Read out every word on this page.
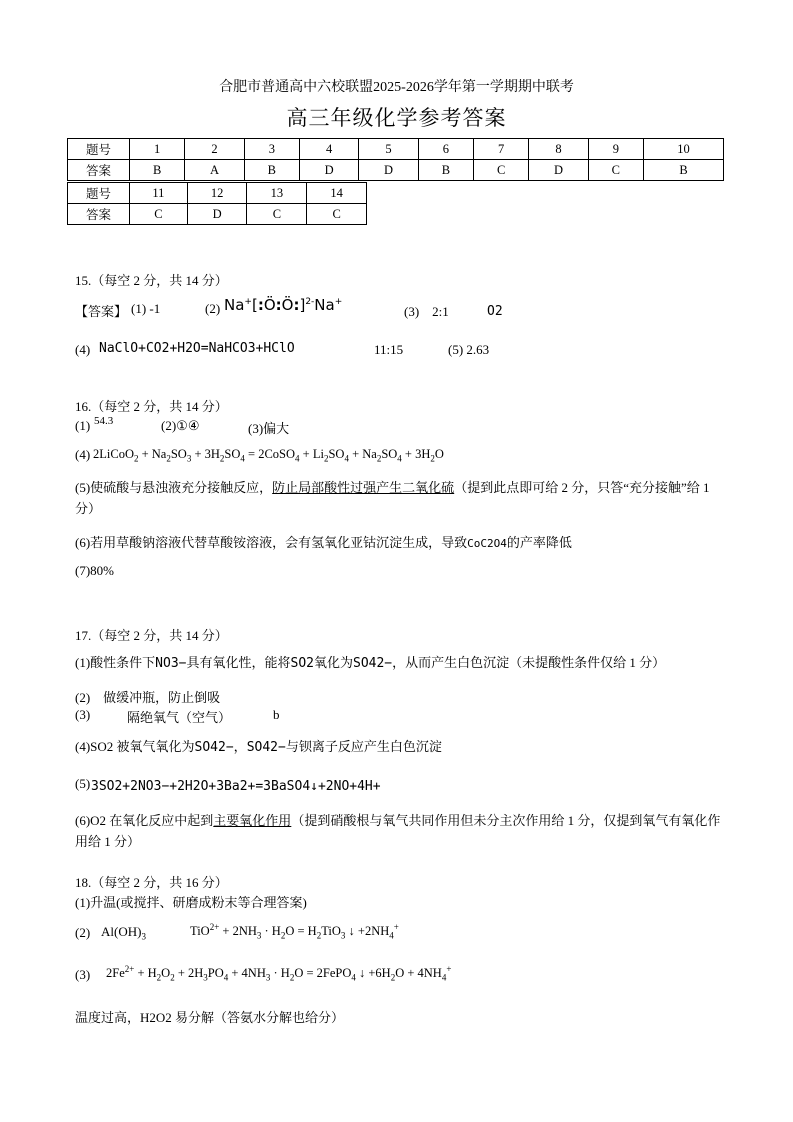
合肥市普通高中六校联盟2025-2026学年第一学期期中联考
高三年级化学参考答案
题号	1	2	3	4	5	6	7	8	9	10
答案	B	A	B	D	D	B	C	D	C	B
题号	11	12	13	14
答案	C	D	C	C
15.（每空 2 分，共 14 分）
【答案】 (1) -1	(2) Na+[:Ö:Ö:]$^{2-}$Na+
(3)　2:1	O2
(4) NaClO+CO2+H2O=NaHCO3+HClO	11:15	(5) 2.63
16.（每空 2 分，共 14 分）
(1) 54.3	(2)①④	(3)偏大
(4) 2LiCoO$_2$ + $Na_2SO_3 + 3H_2SO_4$ = 2CoSO$_4$ + $Li_2SO_4 + Na_2SO_4 + 3H_2O$
(5)使硫酸与悬浊液充分接触反应，防止局部酸性过强产生二氧化硫（提到此点即可给 2 分，只答“充分接触”给 1 分）
(6)若用草酸钠溶液代替草酸铵溶液，会有氢氧化亚钴沉淀生成，导致CoC2O4的产率降低
(7)80%
17.（每空 2 分，共 14 分）
(1)酸性条件下NO3−具有氧化性，能将SO2氧化为SO42−，从而产生白色沉淀（未提酸性条件仅给 1 分）
(2)　做缓冲瓶，防止倒吸
(3)	隔绝氧气（空气）	b
(4)SO2 被氧气氧化为SO42−，SO42−与钡离子反应产生白色沉淀
(5) 3SO2+2NO3−+2H2O+3Ba2+=3BaSO4↓+2NO+4H+
(6)O2 在氧化反应中起到主要氧化作用（提到硝酸根与氧气共同作用但未分主次作用给 1 分，仅提到氧气有氧化作用给 1 分）
18.（每空 2 分，共 16 分）
(1)升温(或搅拌、研磨成粉末等合理答案)
(2) $Al(OH)_3$	$TiO^{2+} + 2NH_3 \cdot H_2O = H_2TiO_3$ ↓ $+2NH_4^+$
(3) $2Fe^{2+} + H_2O_2 + 2H_3PO_4 + 4NH_3 \cdot H_2O$ = 2FePO$_4$ ↓ $+6H_2O + 4NH_4^+$
温度过高，H2O2 易分解（答氨水分解也给分）
